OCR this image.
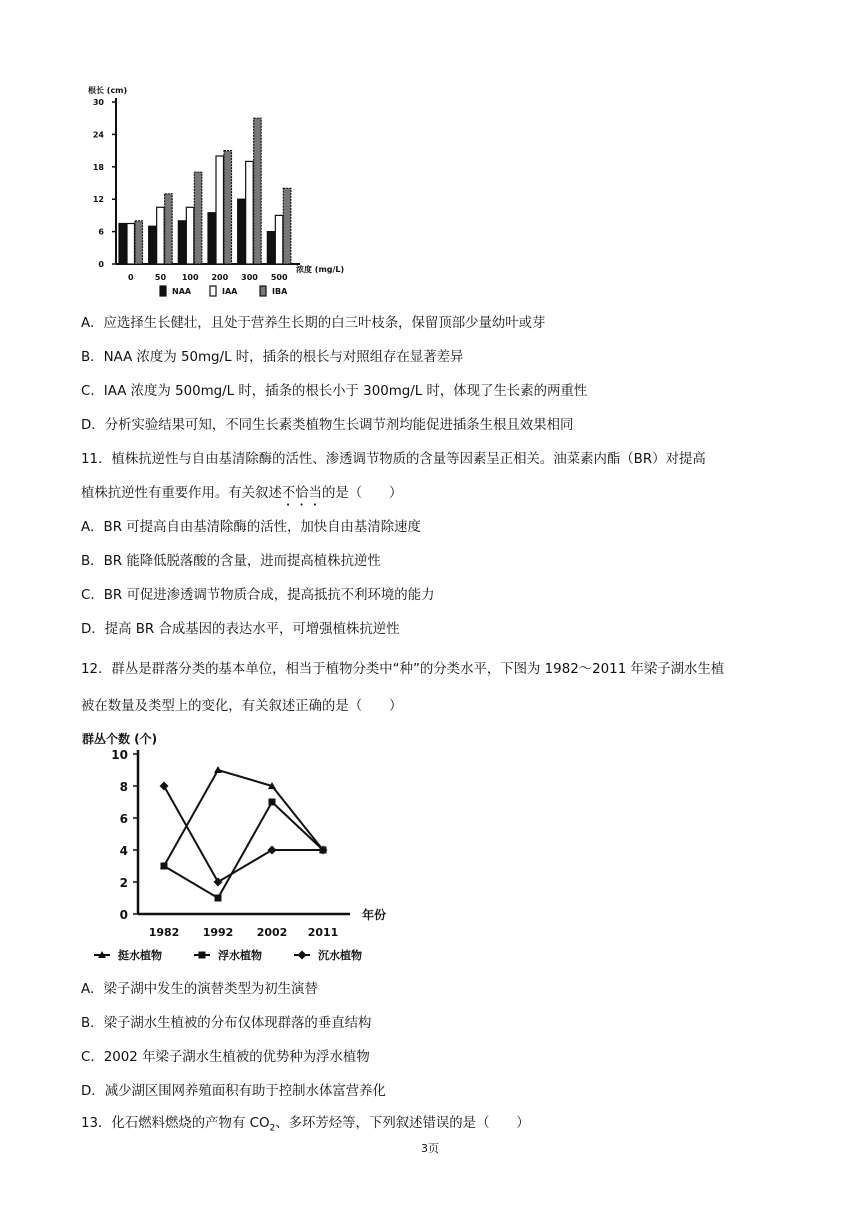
根长 (cm)
浓度 (mg/L)
0
6
12
18
24
30
0	50 100 200 300 500
NAA	IAA	IBA
A．应选择生长健壮，且处于营养生长期的白三叶枝条，保留顶部少量幼叶或芽
B．NAA 浓度为 50mg/L 时，插条的根长与对照组存在显著差异
C．IAA 浓度为 500mg/L 时，插条的根长小于 300mg/L 时，体现了生长素的两重性
D．分析实验结果可知，不同生长素类植物生长调节剂均能促进插条生根且效果相同
11．植株抗逆性与自由基清除酶的活性、渗透调节物质的含量等因素呈正相关。油菜素内酯（BR）对提高
植株抗逆性有重要作用。有关叙述不恰当的是（　　）
A．BR 可提高自由基清除酶的活性，加快自由基清除速度
B．BR 能降低脱落酸的含量，进而提高植株抗逆性
C．BR 可促进渗透调节物质合成，提高抵抗不利环境的能力
D．提高 BR 合成基因的表达水平，可增强植株抗逆性
12．群丛是群落分类的基本单位，相当于植物分类中“种”的分类水平，下图为 1982～2011 年梁子湖水生植
被在数量及类型上的变化，有关叙述正确的是（　　）
群丛个数 (个)
年份
0
2
4
6
8
10
1982 1992 2002 2011
挺水植物	浮水植物	沉水植物
A．梁子湖中发生的演替类型为初生演替
B．梁子湖水生植被的分布仅体现群落的垂直结构
C．2002 年梁子湖水生植被的优势种为浮水植物
D．减少湖区围网养殖面积有助于控制水体富营养化
13．化石燃料燃烧的产物有 $CO_2$、多环芳烃等，下列叙述错误的是（　　）
3页
